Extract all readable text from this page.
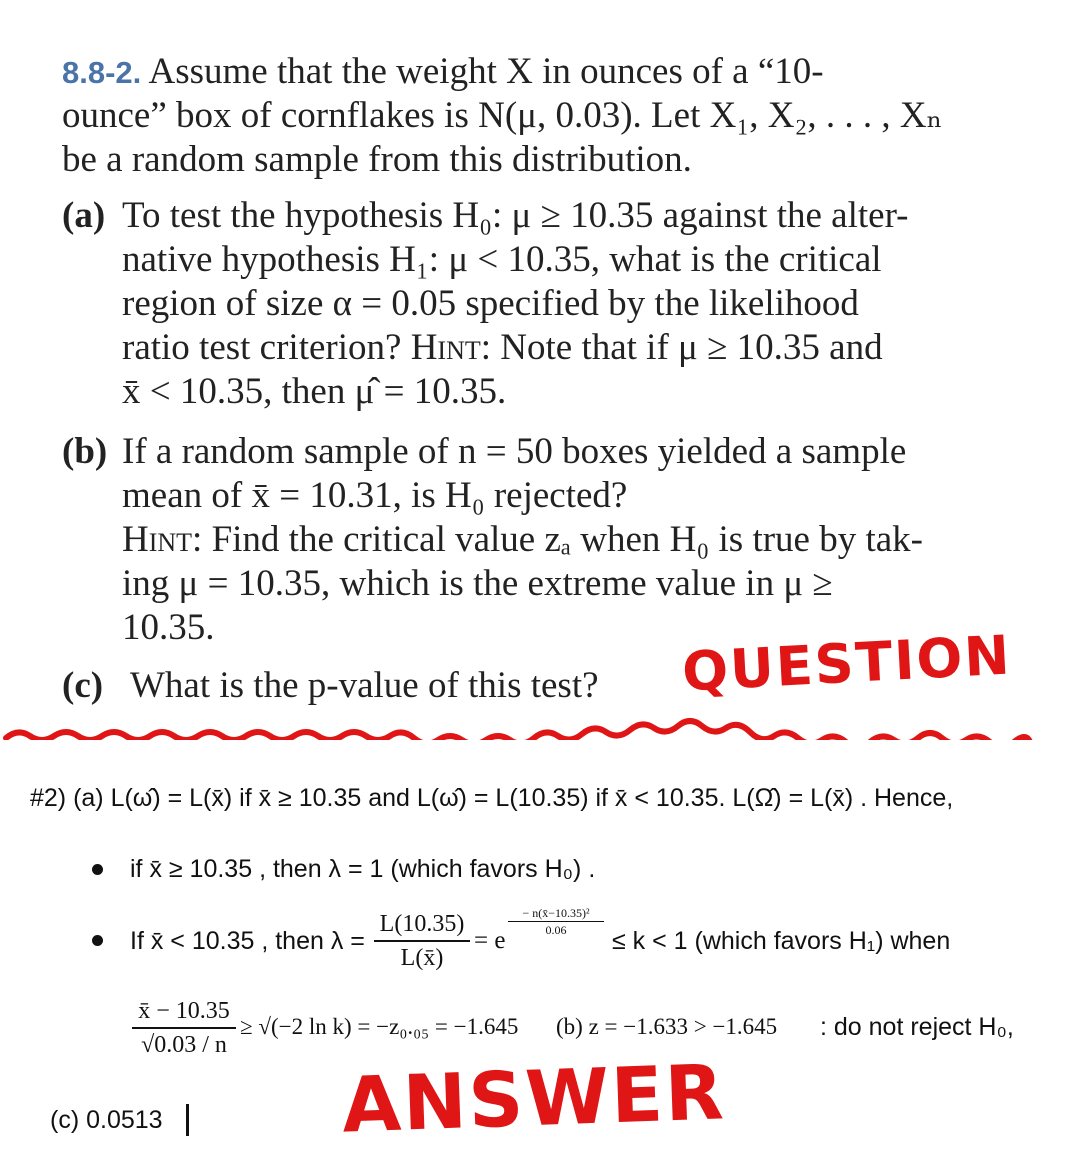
8.8-2. Assume that the weight X in ounces of a “10-
ounce” box of cornflakes is N(μ, 0.03). Let X₁, X₂, . . . , Xₙ
be a random sample from this distribution.
(a) To test the hypothesis H₀: μ ≥ 10.35 against the alter-
native hypothesis H₁: μ < 10.35, what is the critical
region of size α = 0.05 specified by the likelihood
ratio test criterion? Hint: Note that if μ ≥ 10.35 and
x̄ < 10.35, then μ̂ = 10.35.
(b) If a random sample of n = 50 boxes yielded a sample
mean of x̄ = 10.31, is H₀ rejected?
Hint: Find the critical value zₐ when H₀ is true by tak-
ing μ = 10.35, which is the extreme value in μ ≥
10.35.
(c) What is the p-value of this test? QUESTION
#2) (a) L(ω̂) = L(x̄) if x̄ ≥ 10.35 and L(ω̂) = L(10.35) if x̄ < 10.35. L(Ω̂) = L(x̄) . Hence,
if x̄ ≥ 10.35 , then λ = 1 (which favors H₀) .
If x̄ < 10.35 , then λ =
L(10.35)
L(x̄)
= e
− n(x̄−10.35)²
0.06	≤ k < 1 (which favors H₁) when
x̄ − 10.35
√0.03 / n
≥ √(−2 ln k) = −z₀.₀₅ = −1.645 (b) z = −1.633 > −1.645 : do not reject H₀,
(c) 0.0513 ANSWER
